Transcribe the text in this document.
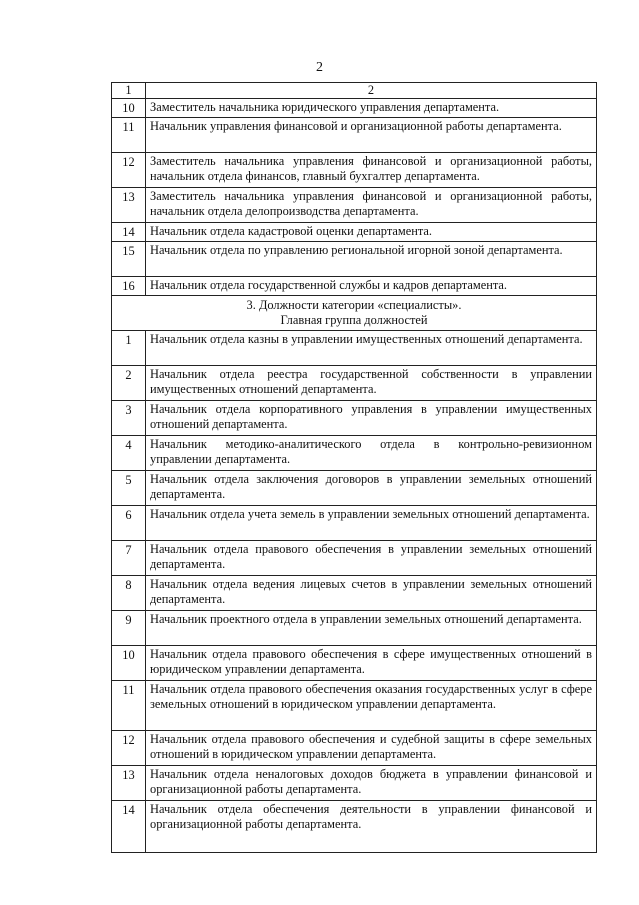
2
1	2
10	Заместитель начальника юридического управления департамента.
11	Начальник управления финансовой и организационной работы департамента.
12	Заместитель начальника управления финансовой и организационной работы, начальник отдела финансов, главный бухгалтер департамента.
13	Заместитель начальника управления финансовой и организационной работы, начальник отдела делопроизводства департамента.
14	Начальник отдела кадастровой оценки департамента.
15	Начальник отдела по управлению региональной игорной зоной департамента.
16	Начальник отдела государственной службы и кадров департамента.

3. Должности категории «специалисты».
Главная группа должностей	

1	Начальник отдела казны в управлении имущественных отношений департамента.
2	Начальник отдела реестра государственной собственности в управлении имущественных отношений департамента.
3	Начальник отдела корпоративного управления в управлении имущественных отношений департамента.
4	Начальник методико-аналитического отдела в контрольно-ревизионном управлении департамента.
5	Начальник отдела заключения договоров в управлении земельных отношений департамента.
6	Начальник отдела учета земель в управлении земельных отношений департамента.
7	Начальник отдела правового обеспечения в управлении земельных отношений департамента.
8	Начальник отдела ведения лицевых счетов в управлении земельных отношений департамента.
9	Начальник проектного отдела в управлении земельных отношений департамента.
10	Начальник отдела правового обеспечения в сфере имущественных отношений в юридическом управлении департамента.
11	Начальник отдела правового обеспечения оказания государственных услуг в сфере земельных отношений в юридическом управлении департамента.
12	Начальник отдела правового обеспечения и судебной защиты в сфере земельных отношений в юридическом управлении департамента.
13	Начальник отдела неналоговых доходов бюджета в управлении финансовой и организационной работы департамента.
14	Начальник отдела обеспечения деятельности в управлении финансовой и организационной работы департамента.
